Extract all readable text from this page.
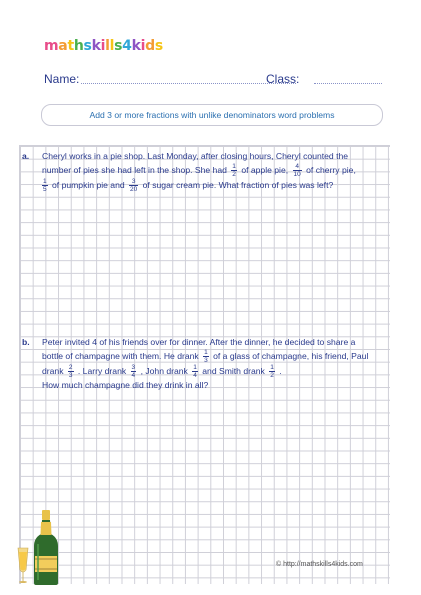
mathskills4kids
Name:	Class:
Add 3 or more fractions with unlike denominators word problems
a. Cheryl works in a pie shop. Last Monday, after closing hours, Cheryl counted the
number of pies she had left in the shop. She had $\frac{1}{2}$ of apple pie, $\frac{4}{10}$ of cherry pie,
$\frac{1}{5}$ of pumpkin pie and $\frac{3}{20}$ of sugar cream pie. What fraction of pies was left?
b. Peter invited 4 of his friends over for dinner. After the dinner, he decided to share a
bottle of champagne with them. He drank $\frac{1}{3}$ of a glass of champagne, his friend, Paul
drank $\frac{2}{3}$ . Larry drank $\frac{3}{4}$ , John drank $\frac{1}{4}$ and Smith drank $\frac{1}{2}$ .
How much champagne did they drink in all?
© http://mathskills4kids.com
